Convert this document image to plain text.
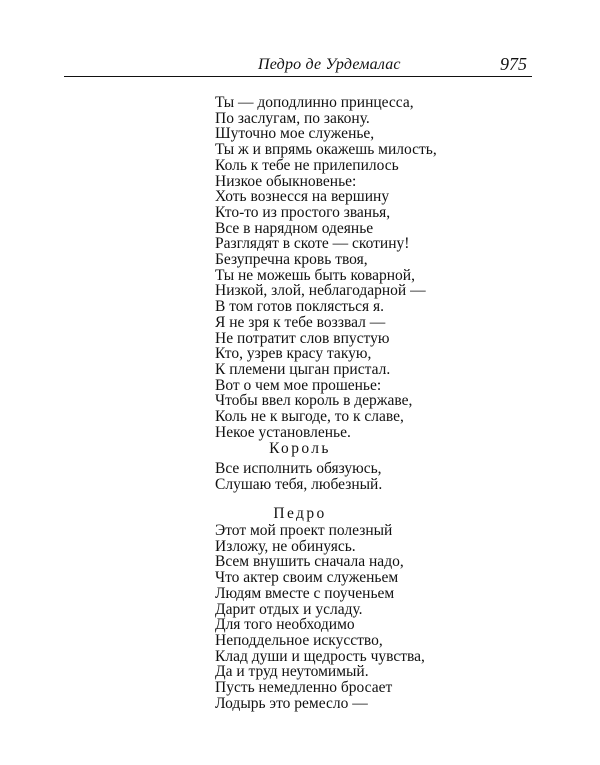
Педро де Урдемалас	975
Ты — доподлинно принцесса,
По заслугам, по закону.
Шуточно мое служенье,
Ты ж и впрямь окажешь милость,
Коль к тебе не прилепилось
Низкое обыкновенье:
Хоть вознесся на вершину
Кто-то из простого званья,
Все в нарядном одеянье
Разглядят в скоте — скотину!
Безупречна кровь твоя,
Ты не можешь быть коварной,
Низкой, злой, неблагодарной —
В том готов поклясться я.
Я не зря к тебе воззвал —
Не потратит слов впустую
Кто, узрев красу такую,
К племени цыган пристал.
Вот о чем мое прошенье:
Чтобы ввел король в державе,
Коль не к выгоде, то к славе,
Некое установленье.
Король
Все исполнить обязуюсь,
Слушаю тебя, любезный.
Педро
Этот мой проект полезный
Изложу, не обинуясь.
Всем внушить сначала надо,
Что актер своим служеньем
Людям вместе с поученьем
Дарит отдых и усладу.
Для того необходимо
Неподдельное искусство,
Клад души и щедрость чувства,
Да и труд неутомимый.
Пусть немедленно бросает
Лодырь это ремесло —
